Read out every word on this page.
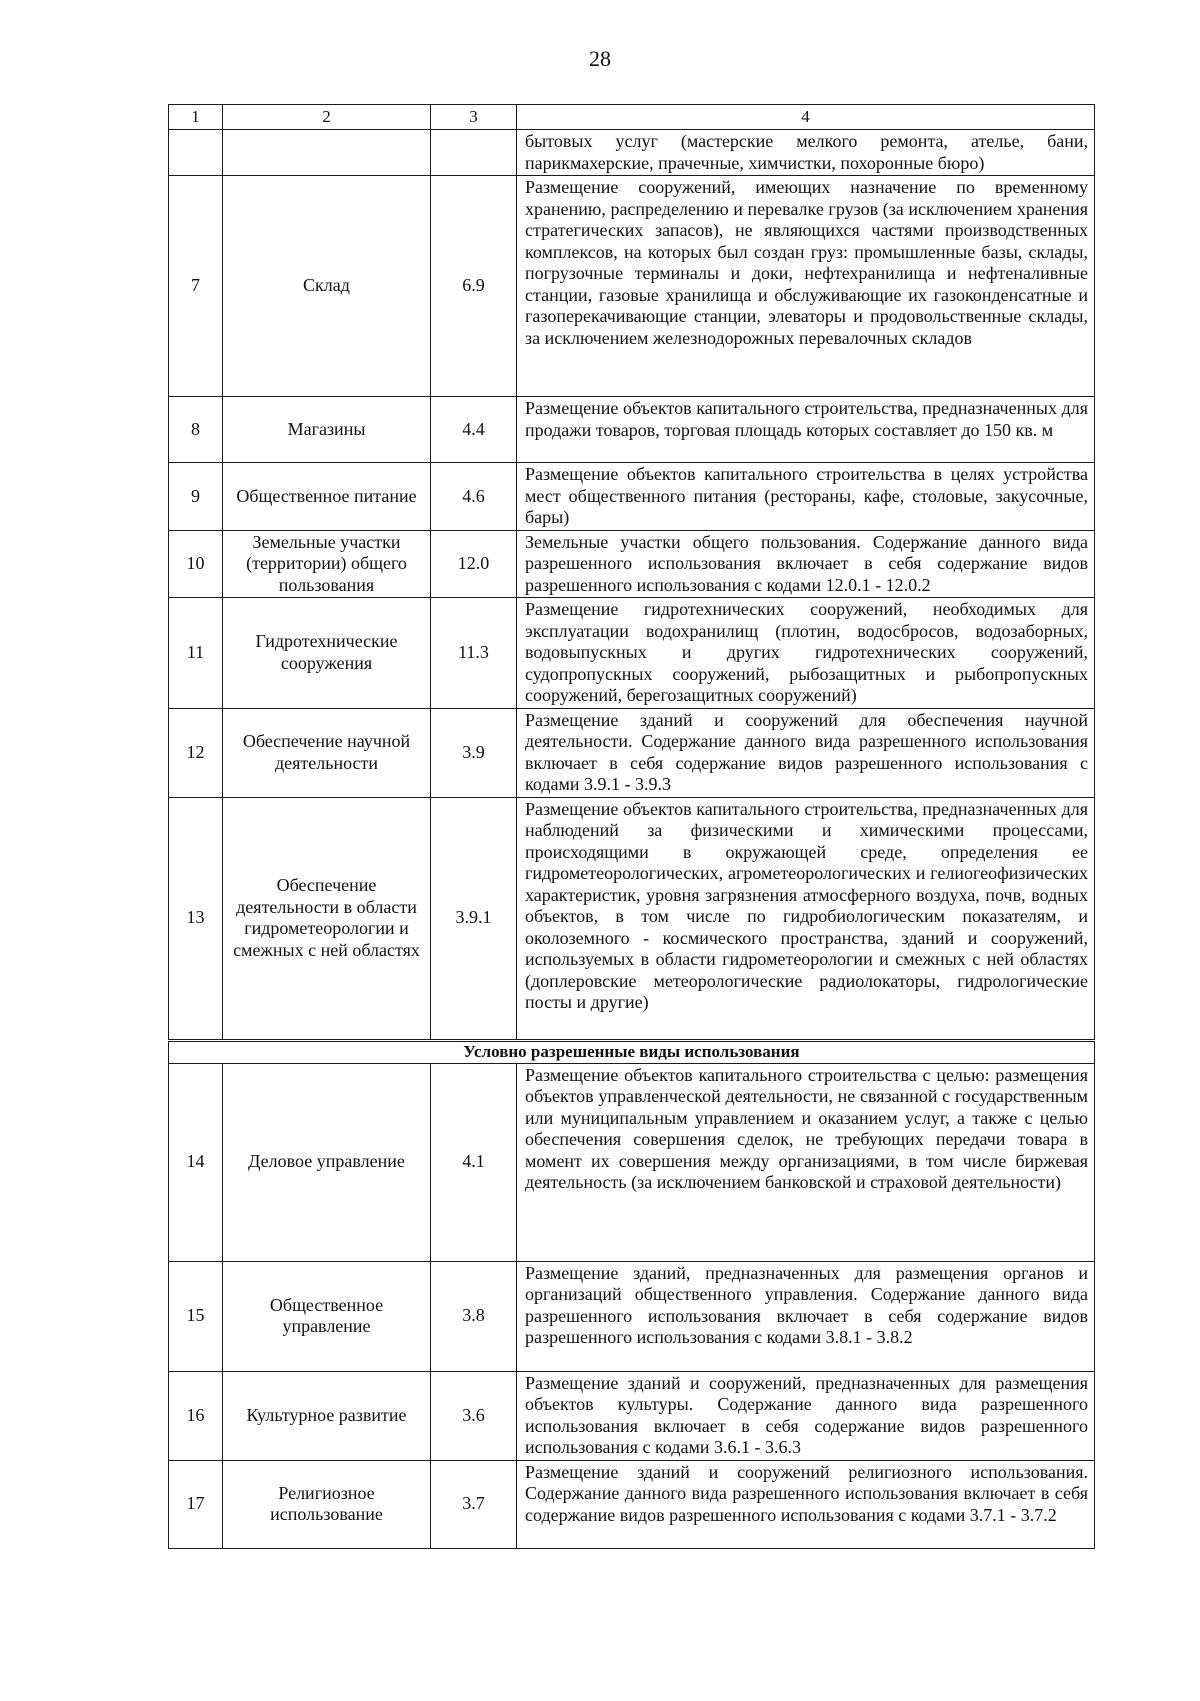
28
1	2	3	4
			бытовых услуг (мастерские мелкого ремонта, ателье, бани, парикмахерские, прачечные, химчистки, похоронные бюро)
7	Склад	6.9	Размещение сооружений, имеющих назначение по временному хранению, распределению и перевалке грузов (за исключением хранения стратегических запасов), не являющихся частями производственных комплексов, на которых был создан груз: промышленные базы, склады, погрузочные терминалы и доки, нефтехранилища и нефтеналивные станции, газовые хранилища и обслуживающие их газоконденсатные и газоперекачивающие станции, элеваторы и продовольственные склады, за исключением железнодорожных перевалочных складов
8	Магазины	4.4	Размещение объектов капитального строительства, предназначенных для продажи товаров, торговая площадь которых составляет до 150 кв. м
9	Общественное питание	4.6	Размещение объектов капитального строительства в целях устройства мест общественного питания (рестораны, кафе, столовые, закусочные, бары)
10	Земельные участки (территории) общего пользования	12.0	Земельные участки общего пользования. Содержание данного вида разрешенного использования включает в себя содержание видов разрешенного использования с кодами 12.0.1 - 12.0.2
11	Гидротехнические сооружения	11.3	Размещение гидротехнических сооружений, необходимых для эксплуатации водохранилищ (плотин, водосбросов, водозаборных, водовыпускных и других гидротехнических сооружений, судопропускных сооружений, рыбозащитных и рыбопропускных сооружений, берегозащитных сооружений)
12	Обеспечение научной деятельности	3.9	Размещение зданий и сооружений для обеспечения научной деятельности. Содержание данного вида разрешенного использования включает в себя содержание видов разрешенного использования с кодами 3.9.1 - 3.9.3
13	Обеспечение деятельности в области гидрометеорологии и смежных с ней областях	3.9.1	Размещение объектов капитального строительства, предназначенных для наблюдений за физическими и химическими процессами, происходящими в окружающей среде, определения ее гидрометеорологических, агрометеорологических и гелиогеофизических характеристик, уровня загрязнения атмосферного воздуха, почв, водных объектов, в том числе по гидробиологическим показателям, и околоземного - космического пространства, зданий и сооружений, используемых в области гидрометеорологии и смежных с ней областях (доплеровские метеорологические радиолокаторы, гидрологические посты и другие)
Условно разрешенные виды использования			
14	Деловое управление	4.1	Размещение объектов капитального строительства с целью: размещения объектов управленческой деятельности, не связанной с государственным или муниципальным управлением и оказанием услуг, а также с целью обеспечения совершения сделок, не требующих передачи товара в момент их совершения между организациями, в том числе биржевая деятельность (за исключением банковской и страховой деятельности)
15	Общественное управление	3.8	Размещение зданий, предназначенных для размещения органов и организаций общественного управления. Содержание данного вида разрешенного использования включает в себя содержание видов разрешенного использования с кодами 3.8.1 - 3.8.2
16	Культурное развитие	3.6	Размещение зданий и сооружений, предназначенных для размещения объектов культуры. Содержание данного вида разрешенного использования включает в себя содержание видов разрешенного использования с кодами 3.6.1 - 3.6.3
17	Религиозное использование	3.7	Размещение зданий и сооружений религиозного использования. Содержание данного вида разрешенного использования включает в себя содержание видов разрешенного использования с кодами 3.7.1 - 3.7.2
